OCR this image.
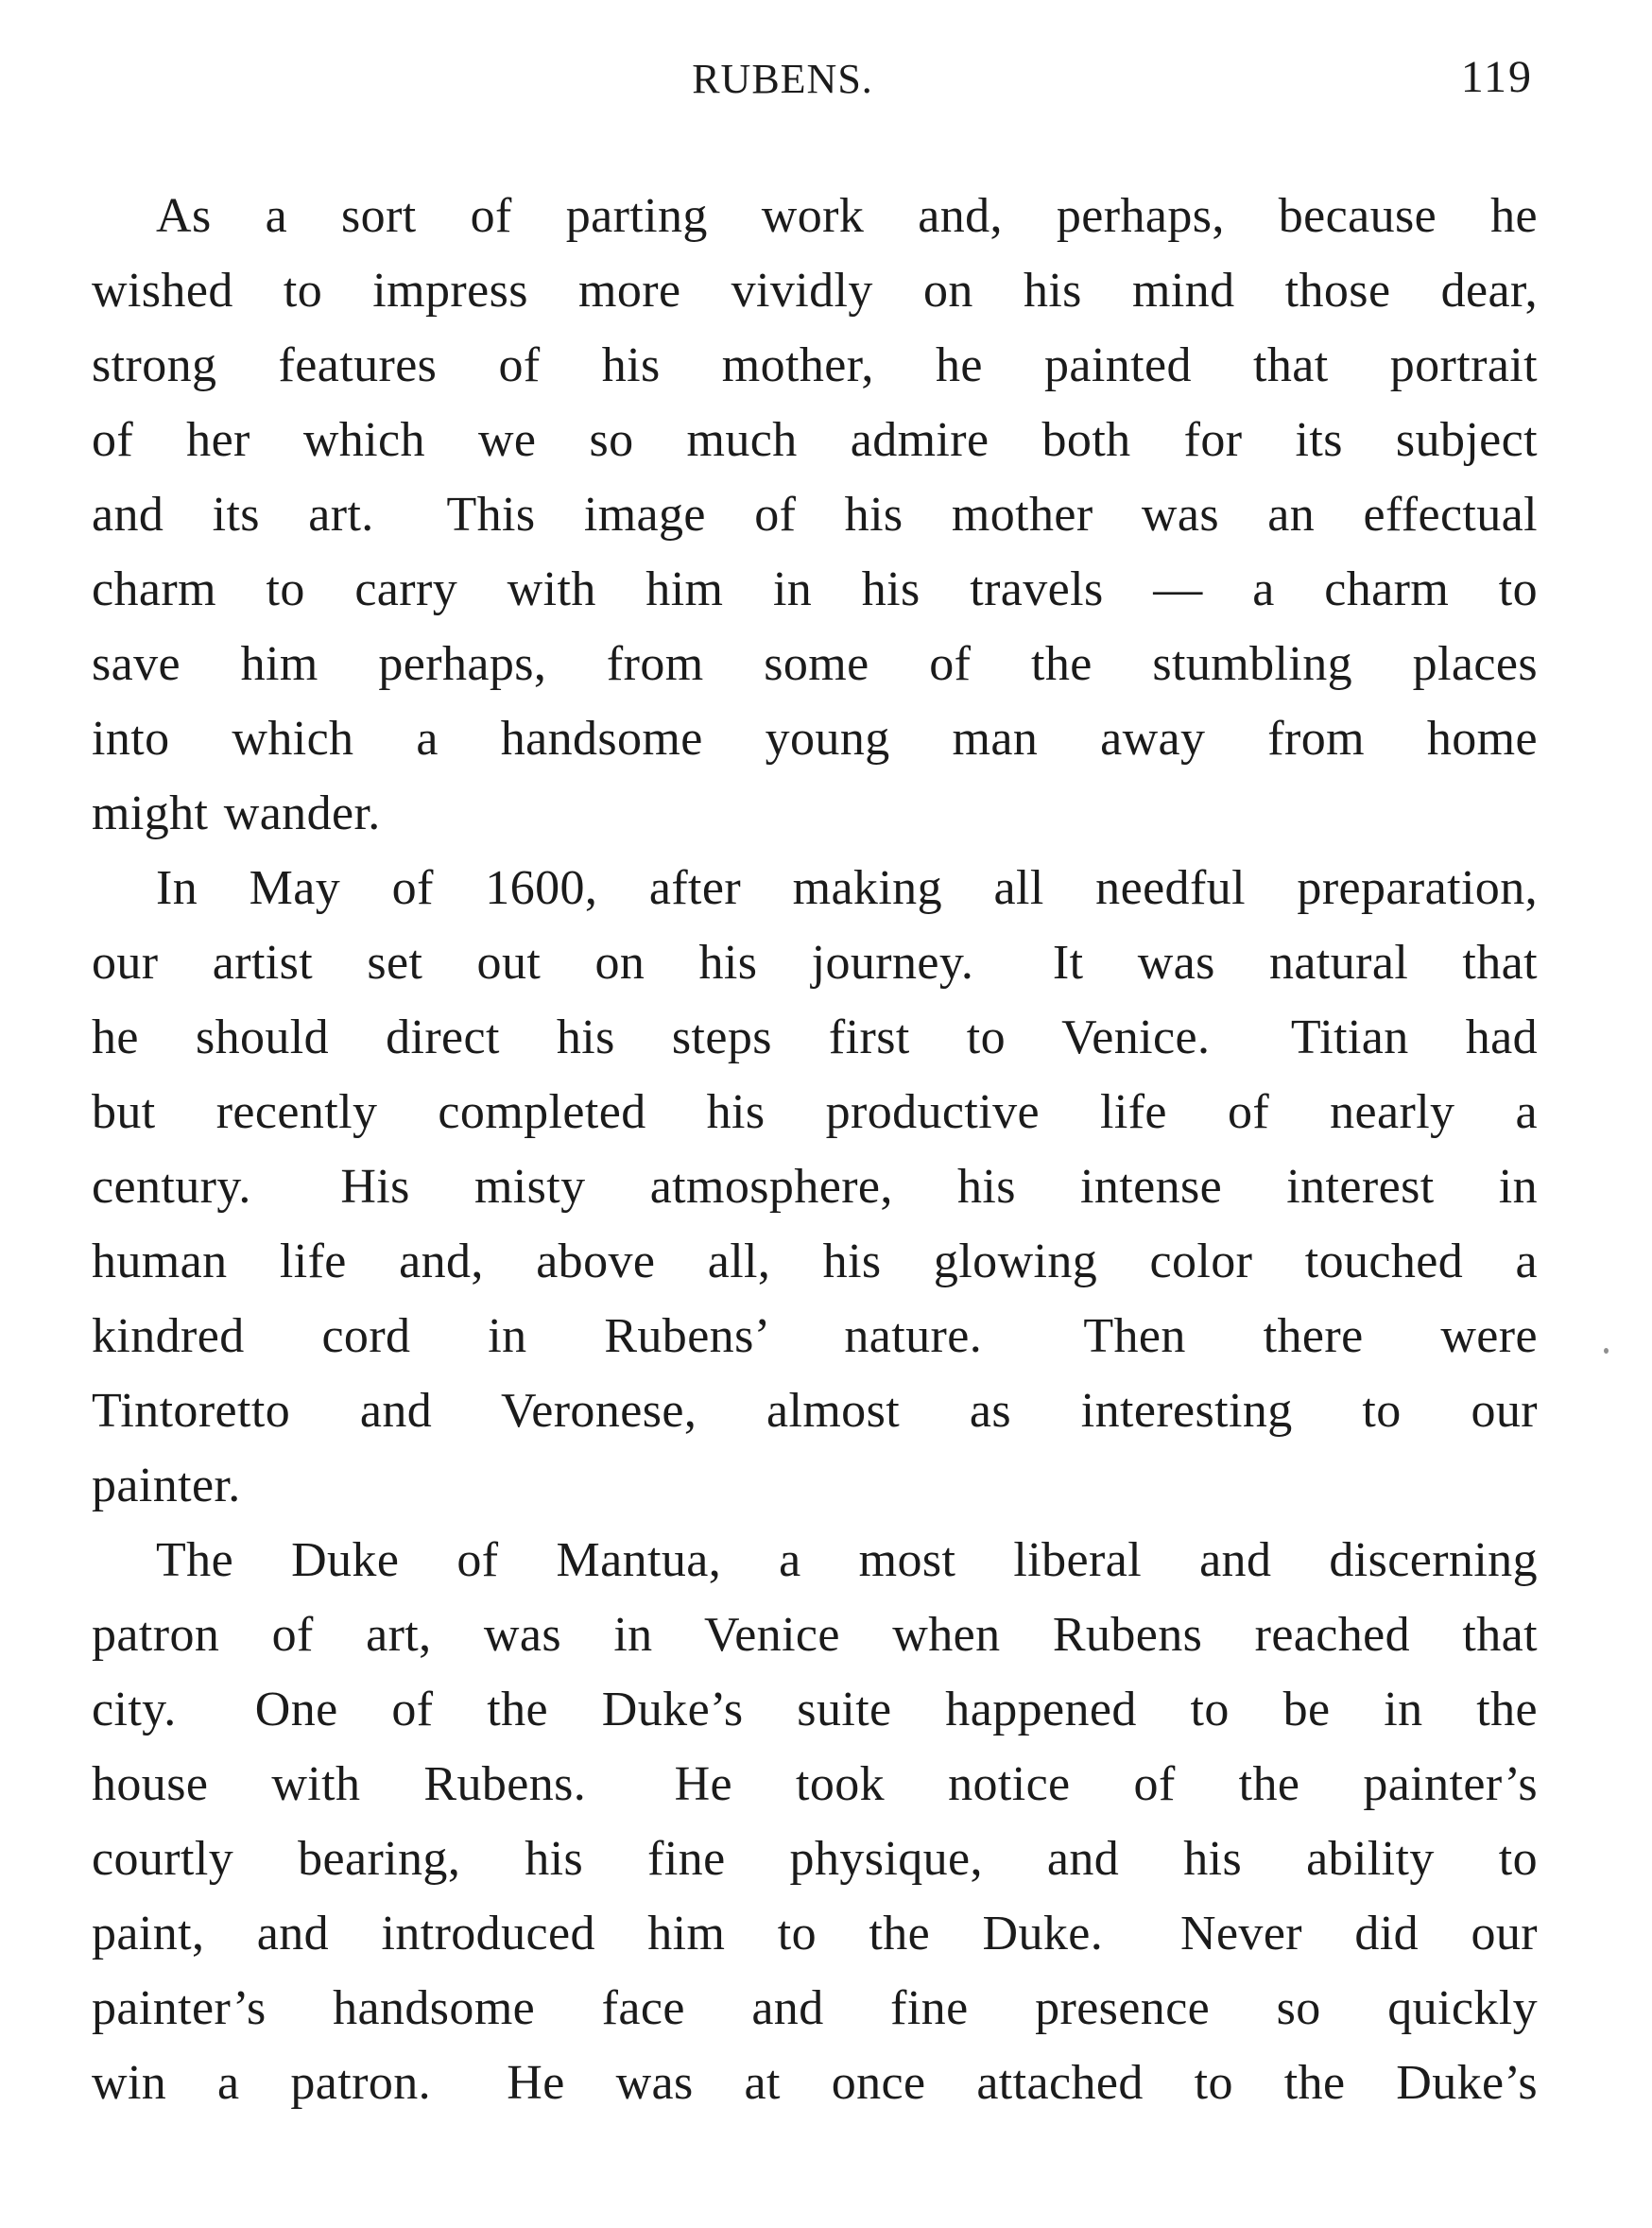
RUBENS.	119
As a sort of parting work and, perhaps, because he
wished to impress more vividly on his mind those dear,
strong features of his mother, he painted that portrait
of her which we so much admire both for its subject
and its art.  This image of his mother was an effectual
charm to carry with him in his travels — a charm to
save him perhaps, from some of the stumbling places
into which a handsome young man away from home
might wander.
In May of 1600, after making all needful preparation,
our artist set out on his journey.  It was natural that
he should direct his steps first to Venice.  Titian had
but recently completed his productive life of nearly a
century.  His misty atmosphere, his intense interest in
human life and, above all, his glowing color touched a
kindred cord in Rubens’ nature.  Then there were
Tintoretto and Veronese, almost as interesting to our
painter.
The Duke of Mantua, a most liberal and discerning
patron of art, was in Venice when Rubens reached that
city.  One of the Duke’s suite happened to be in the
house with Rubens.  He took notice of the painter’s
courtly bearing, his fine physique, and his ability to
paint, and introduced him to the Duke.  Never did our
painter’s handsome face and fine presence so quickly
win a patron.  He was at once attached to the Duke’s
